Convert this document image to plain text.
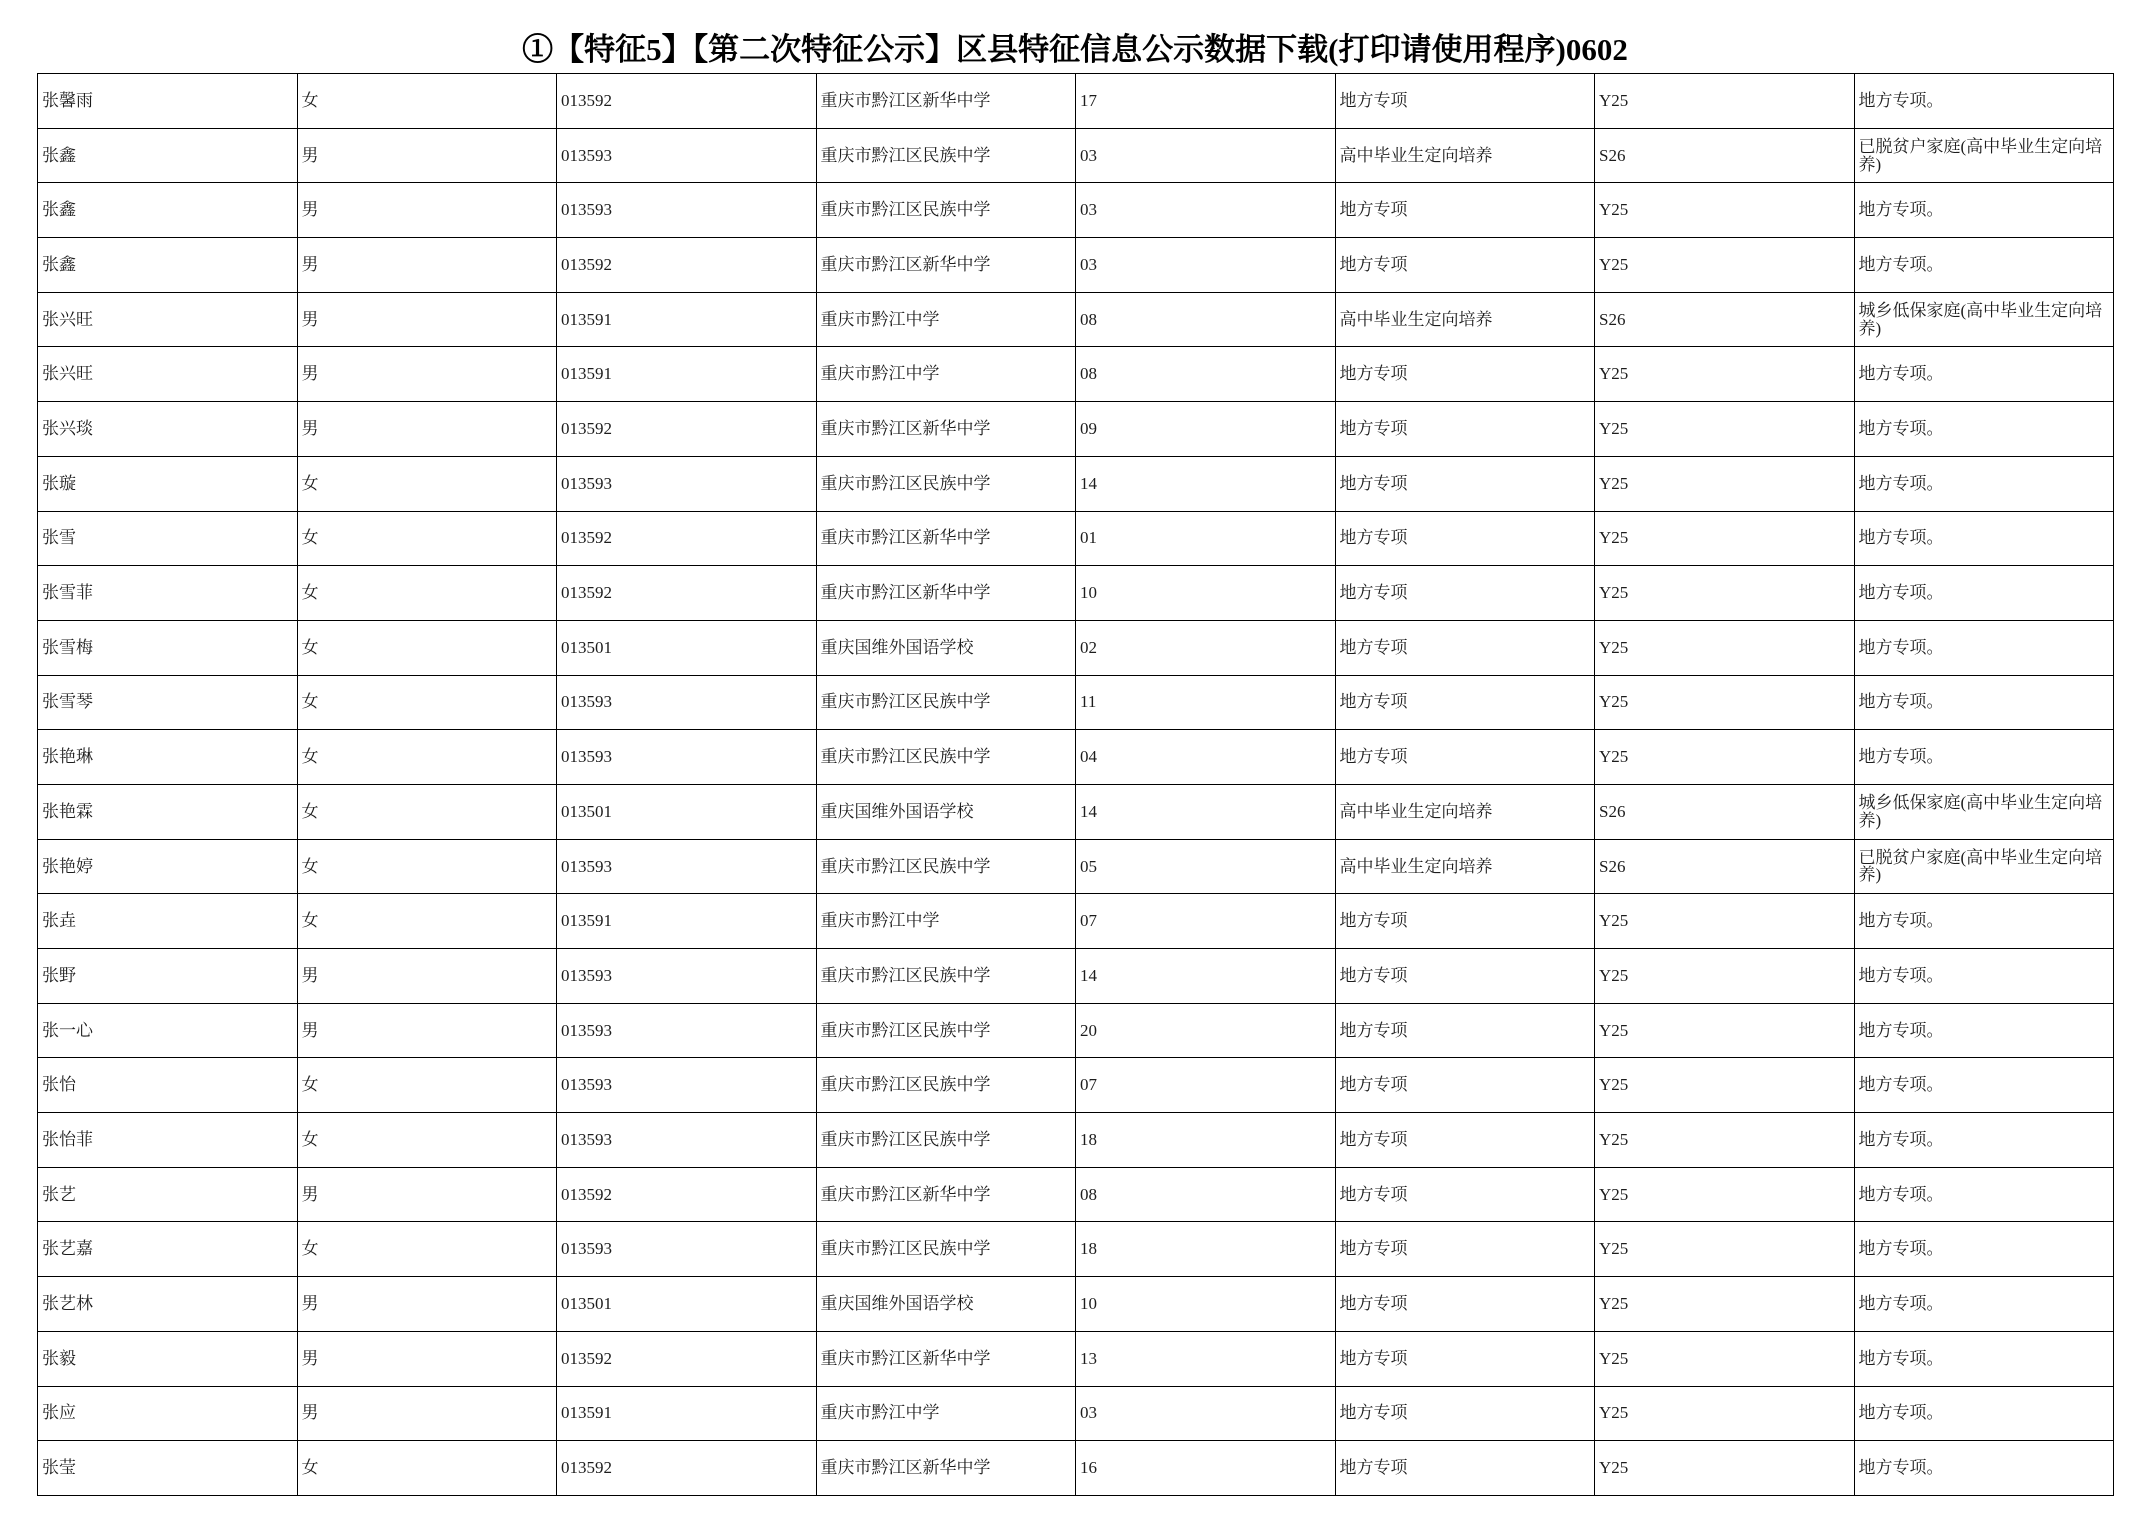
①【特征5】【第二次特征公示】区县特征信息公示数据下载(打印请使用程序)0602
张馨雨	女	013592	重庆市黔江区新华中学	17	地方专项	Y25	地方专项。
张鑫	男	013593	重庆市黔江区民族中学	03	高中毕业生定向培养	S26	已脱贫户家庭(高中毕业生定向培养)
张鑫	男	013593	重庆市黔江区民族中学	03	地方专项	Y25	地方专项。
张鑫	男	013592	重庆市黔江区新华中学	03	地方专项	Y25	地方专项。
张兴旺	男	013591	重庆市黔江中学	08	高中毕业生定向培养	S26	城乡低保家庭(高中毕业生定向培养)
张兴旺	男	013591	重庆市黔江中学	08	地方专项	Y25	地方专项。
张兴琰	男	013592	重庆市黔江区新华中学	09	地方专项	Y25	地方专项。
张璇	女	013593	重庆市黔江区民族中学	14	地方专项	Y25	地方专项。
张雪	女	013592	重庆市黔江区新华中学	01	地方专项	Y25	地方专项。
张雪菲	女	013592	重庆市黔江区新华中学	10	地方专项	Y25	地方专项。
张雪梅	女	013501	重庆国维外国语学校	02	地方专项	Y25	地方专项。
张雪琴	女	013593	重庆市黔江区民族中学	11	地方专项	Y25	地方专项。
张艳琳	女	013593	重庆市黔江区民族中学	04	地方专项	Y25	地方专项。
张艳霖	女	013501	重庆国维外国语学校	14	高中毕业生定向培养	S26	城乡低保家庭(高中毕业生定向培养)
张艳婷	女	013593	重庆市黔江区民族中学	05	高中毕业生定向培养	S26	已脱贫户家庭(高中毕业生定向培养)
张垚	女	013591	重庆市黔江中学	07	地方专项	Y25	地方专项。
张野	男	013593	重庆市黔江区民族中学	14	地方专项	Y25	地方专项。
张一心	男	013593	重庆市黔江区民族中学	20	地方专项	Y25	地方专项。
张怡	女	013593	重庆市黔江区民族中学	07	地方专项	Y25	地方专项。
张怡菲	女	013593	重庆市黔江区民族中学	18	地方专项	Y25	地方专项。
张艺	男	013592	重庆市黔江区新华中学	08	地方专项	Y25	地方专项。
张艺嘉	女	013593	重庆市黔江区民族中学	18	地方专项	Y25	地方专项。
张艺林	男	013501	重庆国维外国语学校	10	地方专项	Y25	地方专项。
张毅	男	013592	重庆市黔江区新华中学	13	地方专项	Y25	地方专项。
张应	男	013591	重庆市黔江中学	03	地方专项	Y25	地方专项。
张莹	女	013592	重庆市黔江区新华中学	16	地方专项	Y25	地方专项。
